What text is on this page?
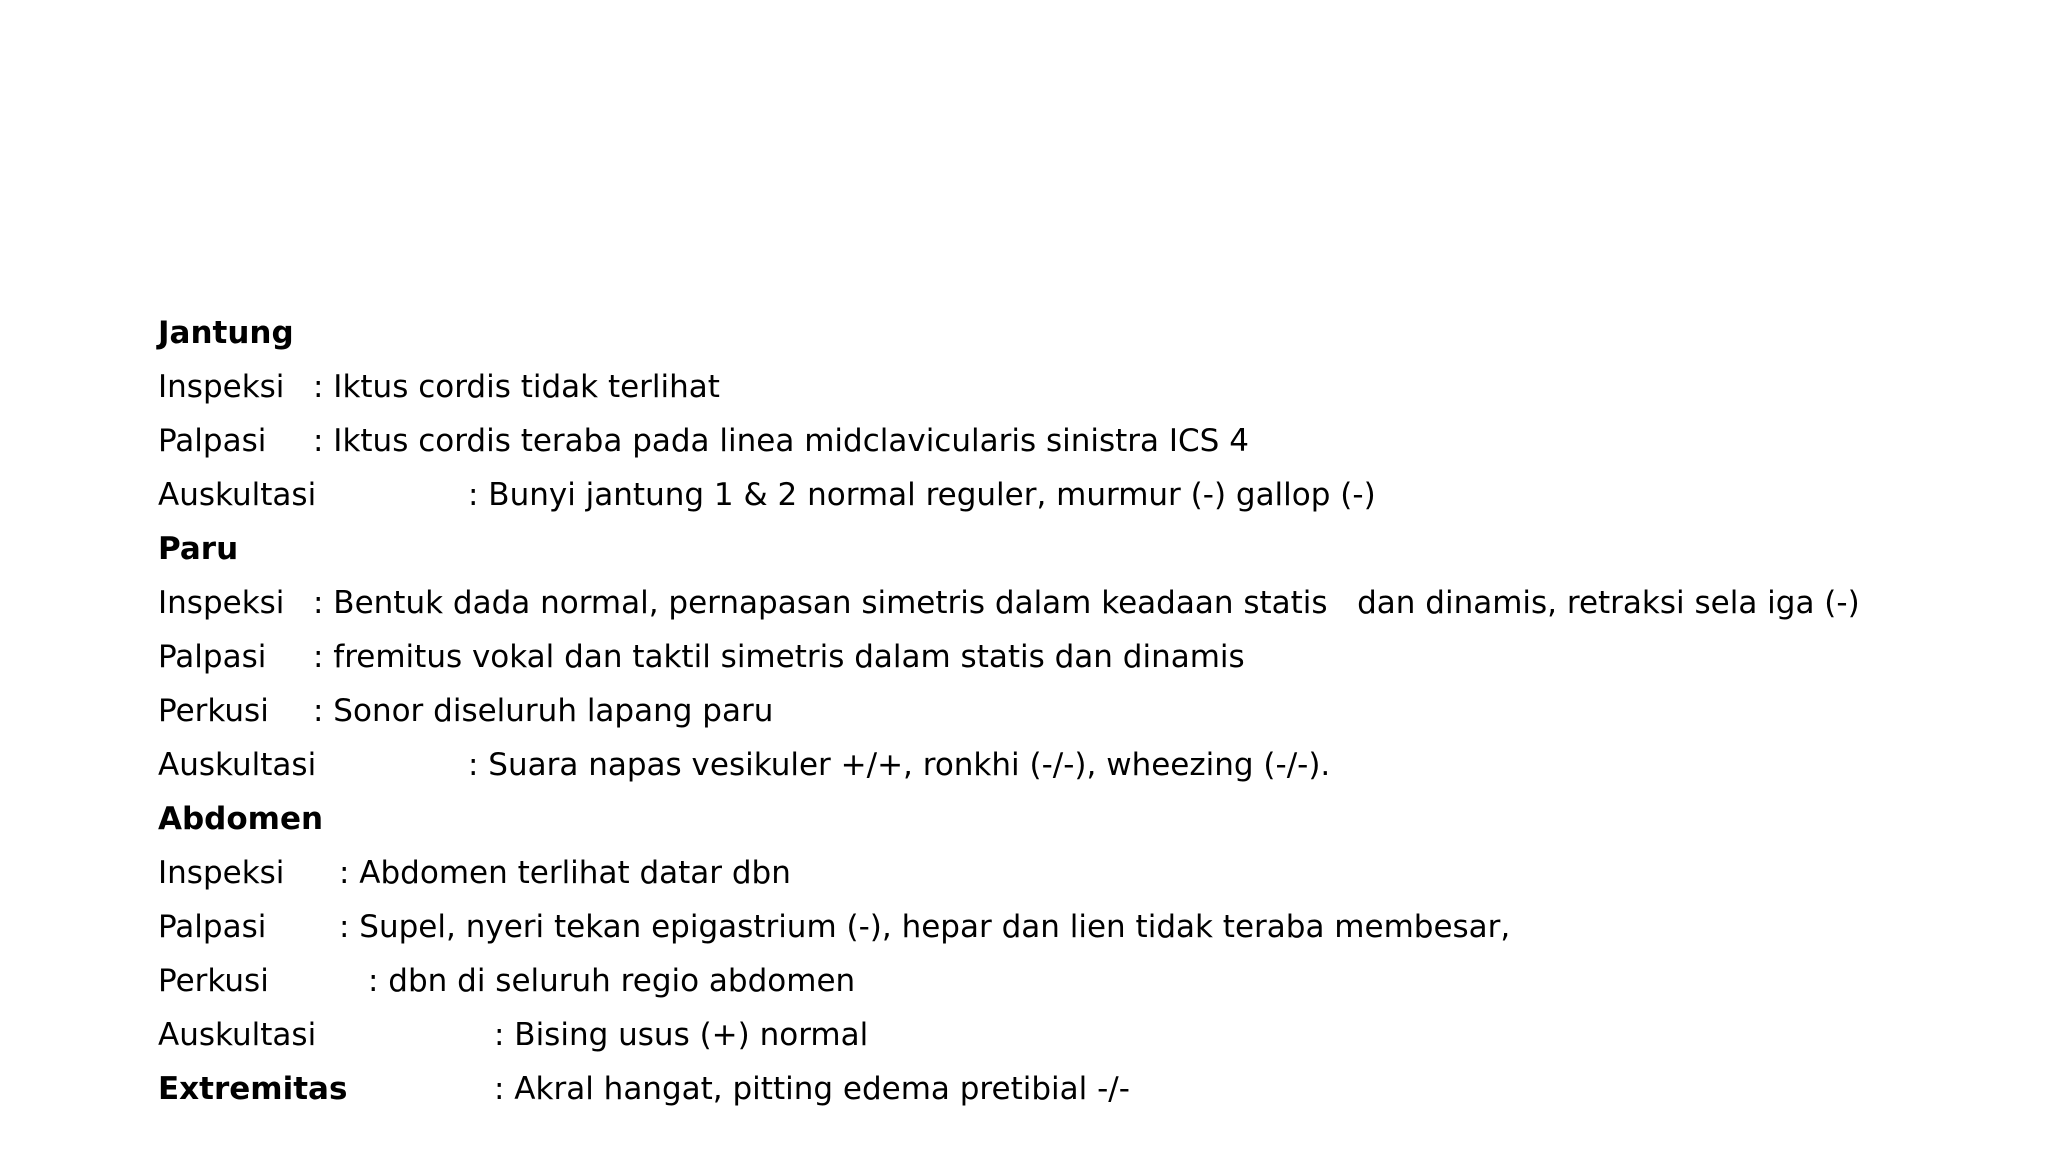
Jantung
Inspeksi : Iktus cordis tidak terlihat
Palpasi : Iktus cordis teraba pada linea midclavicularis sinistra ICS 4
Auskultasi	: Bunyi jantung 1 & 2 normal reguler, murmur (-) gallop (-)
Paru
Inspeksi : Bentuk dada normal, pernapasan simetris dalam keadaan statis   dan dinamis, retraksi sela iga (-)
Palpasi : fremitus vokal dan taktil simetris dalam statis dan dinamis
Perkusi : Sonor diseluruh lapang paru
Auskultasi	: Suara napas vesikuler +/+, ronkhi (-/-), wheezing (-/-).
Abdomen
Inspeksi : Abdomen terlihat datar dbn
Palpasi : Supel, nyeri tekan epigastrium (-), hepar dan lien tidak teraba membesar,
Perkusi	: dbn di seluruh regio abdomen
Auskultasi	: Bising usus (+) normal
Extremitas	: Akral hangat, pitting edema pretibial -/-
